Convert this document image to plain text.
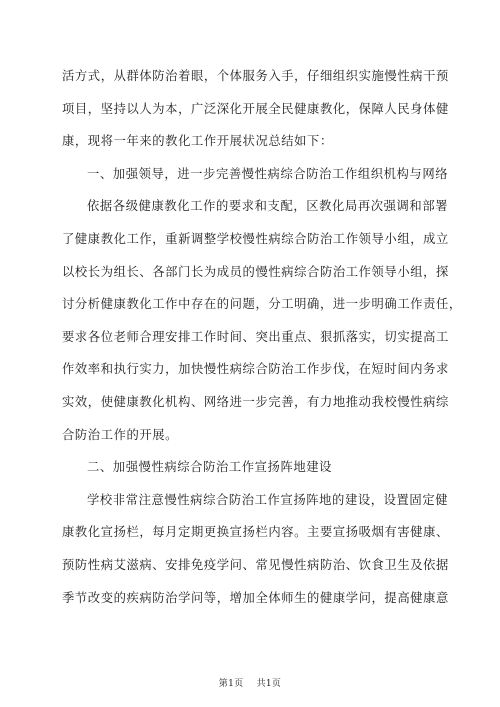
活方式，从群体防治着眼，个体服务入手，仔细组织实施慢性病干预
项目，坚持以人为本，广泛深化开展全民健康教化，保障人民身体健
康，现将一年来的教化工作开展状况总结如下：
一、加强领导，进一步完善慢性病综合防治工作组织机构与网络
依据各级健康教化工作的要求和支配，区教化局再次强调和部署
了健康教化工作，重新调整学校慢性病综合防治工作领导小组，成立
以校长为组长、各部门长为成员的慢性病综合防治工作领导小组，探
讨分析健康教化工作中存在的问题，分工明确，进一步明确工作责任，
要求各位老师合理安排工作时间、突出重点、狠抓落实，切实提高工
作效率和执行实力，加快慢性病综合防治工作步伐，在短时间内务求
实效，使健康教化机构、网络进一步完善，有力地推动我校慢性病综
合防治工作的开展。
二、加强慢性病综合防治工作宣扬阵地建设
学校非常注意慢性病综合防治工作宣扬阵地的建设，设置固定健
康教化宣扬栏，每月定期更换宣扬栏内容。主要宣扬吸烟有害健康、
预防性病艾滋病、安排免疫学问、常见慢性病防治、饮食卫生及依据
季节改变的疾病防治学问等，增加全体师生的健康学问，提高健康意
第1页 共1页
